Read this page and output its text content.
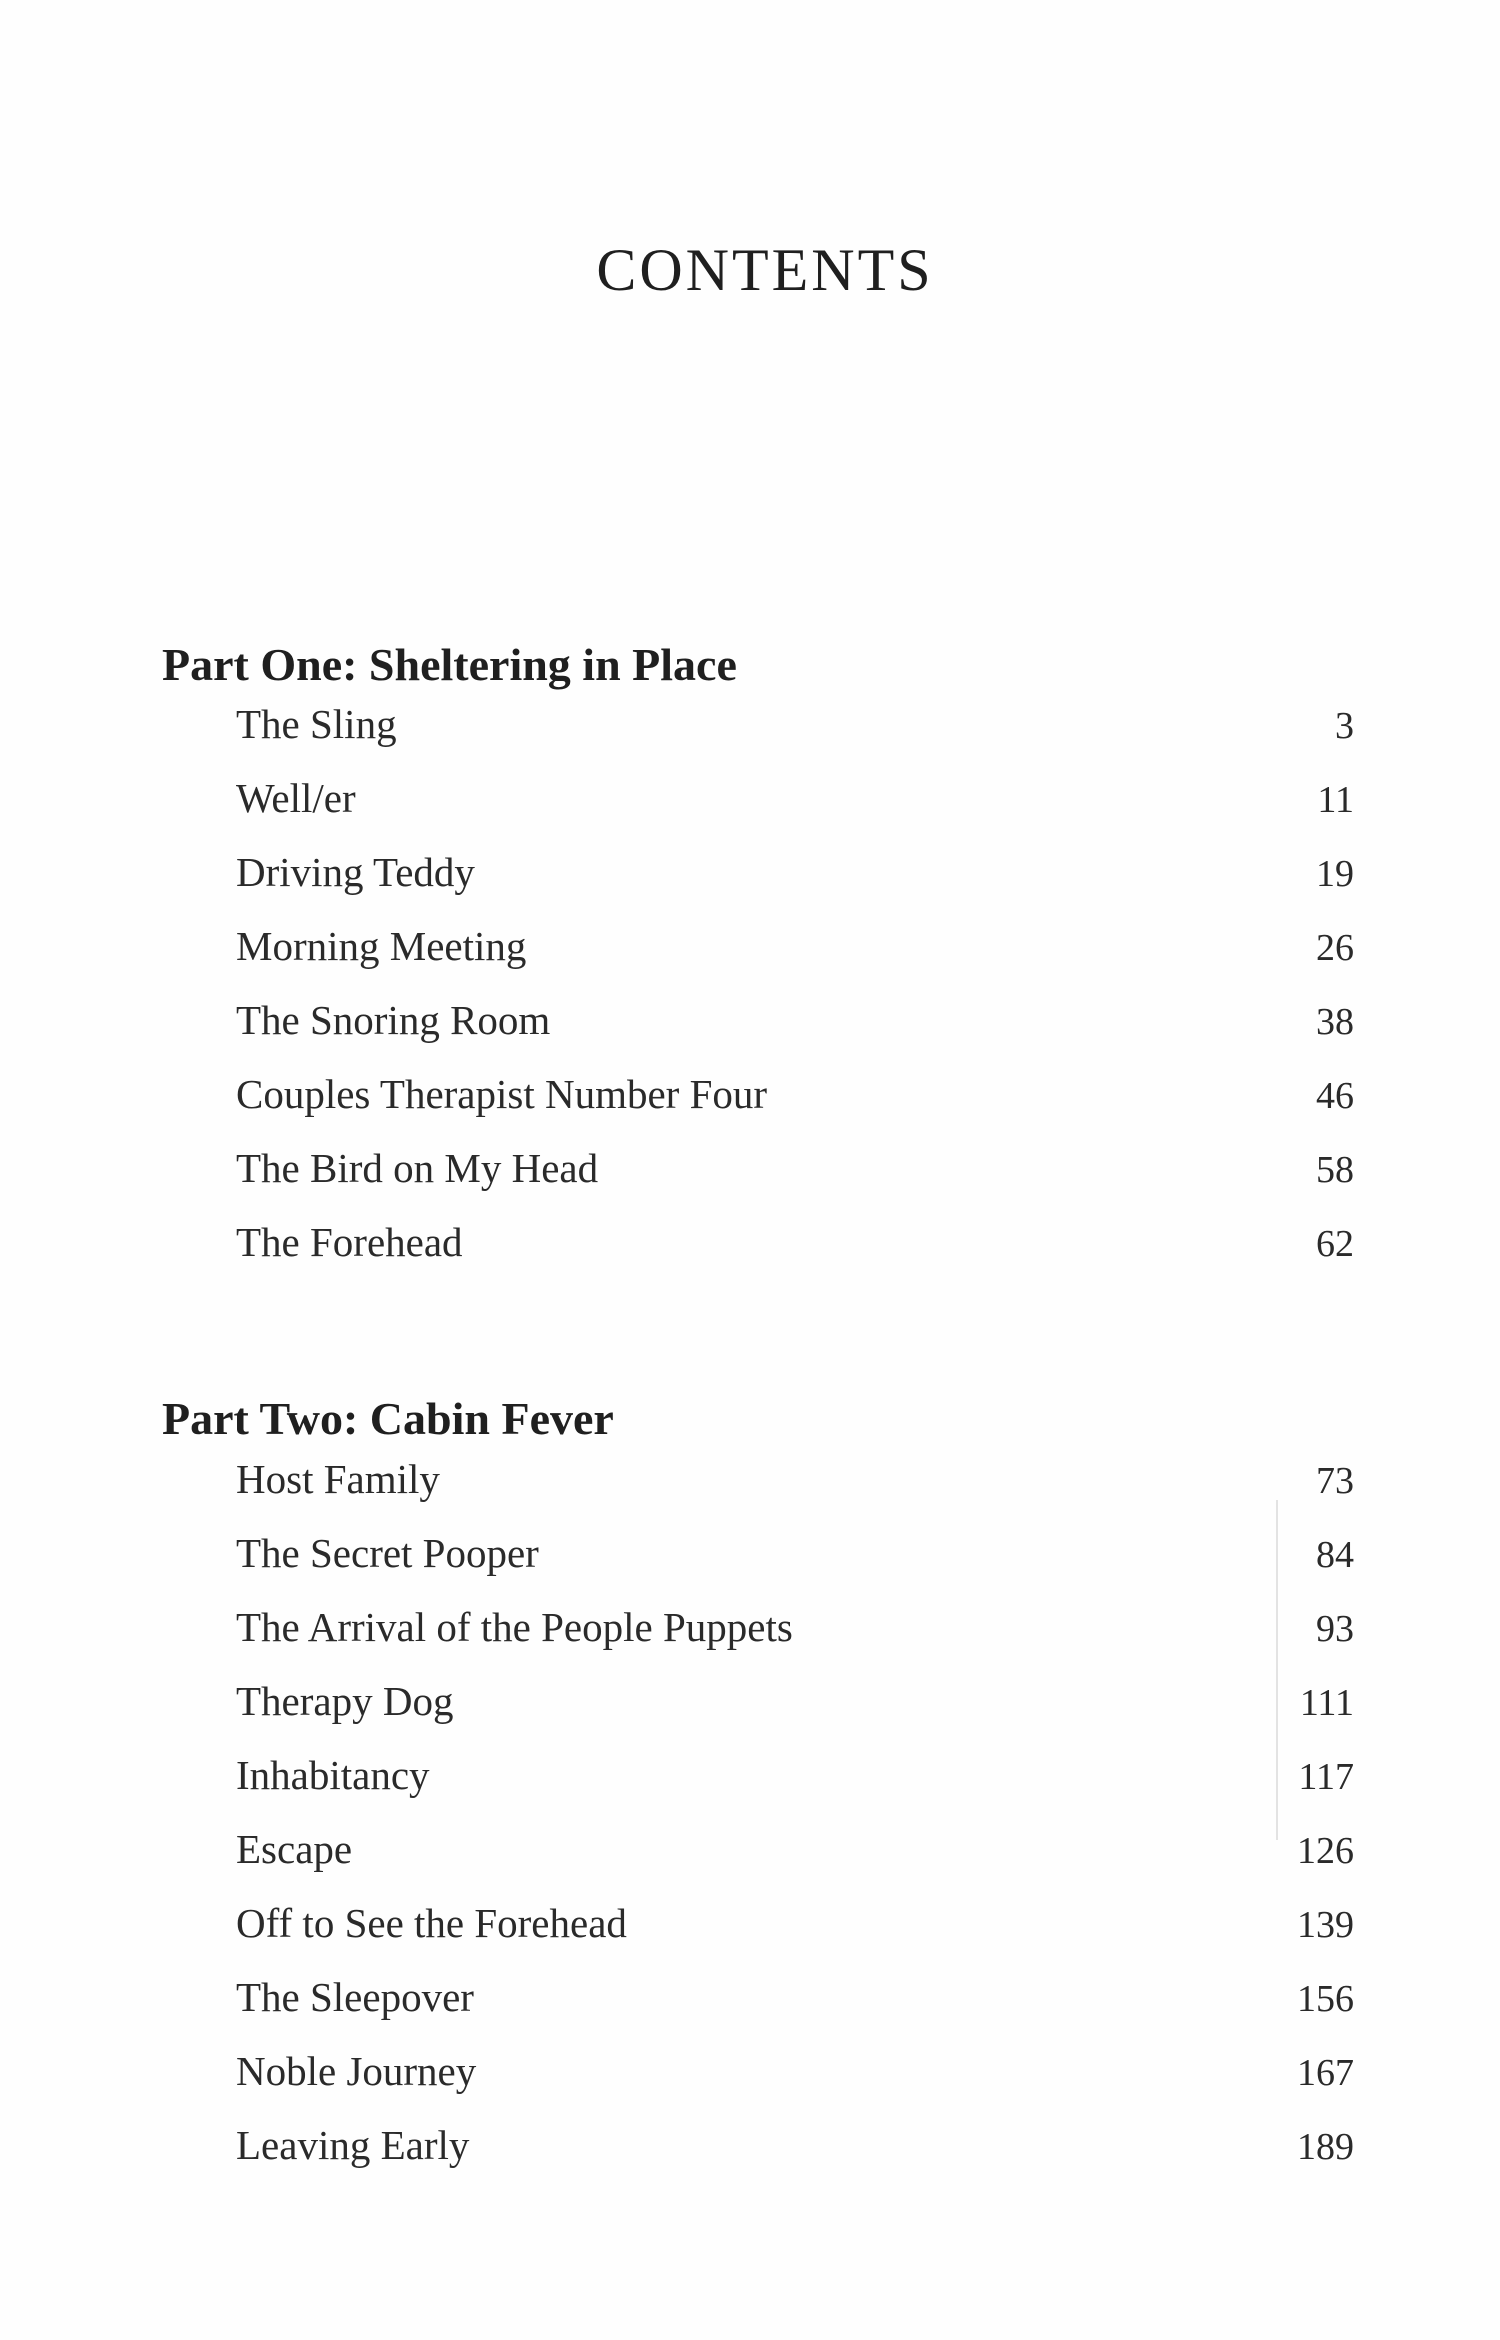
CONTENTS
Part One: Sheltering in Place
The Sling	3
Well/er	11
Driving Teddy	19
Morning Meeting	26
The Snoring Room	38
Couples Therapist Number Four	46
The Bird on My Head	58
The Forehead	62
Part Two: Cabin Fever
Host Family	73
The Secret Pooper	84
The Arrival of the People Puppets	93
Therapy Dog	111
Inhabitancy	117
Escape	126
Off to See the Forehead	139
The Sleepover	156
Noble Journey	167
Leaving Early	189
